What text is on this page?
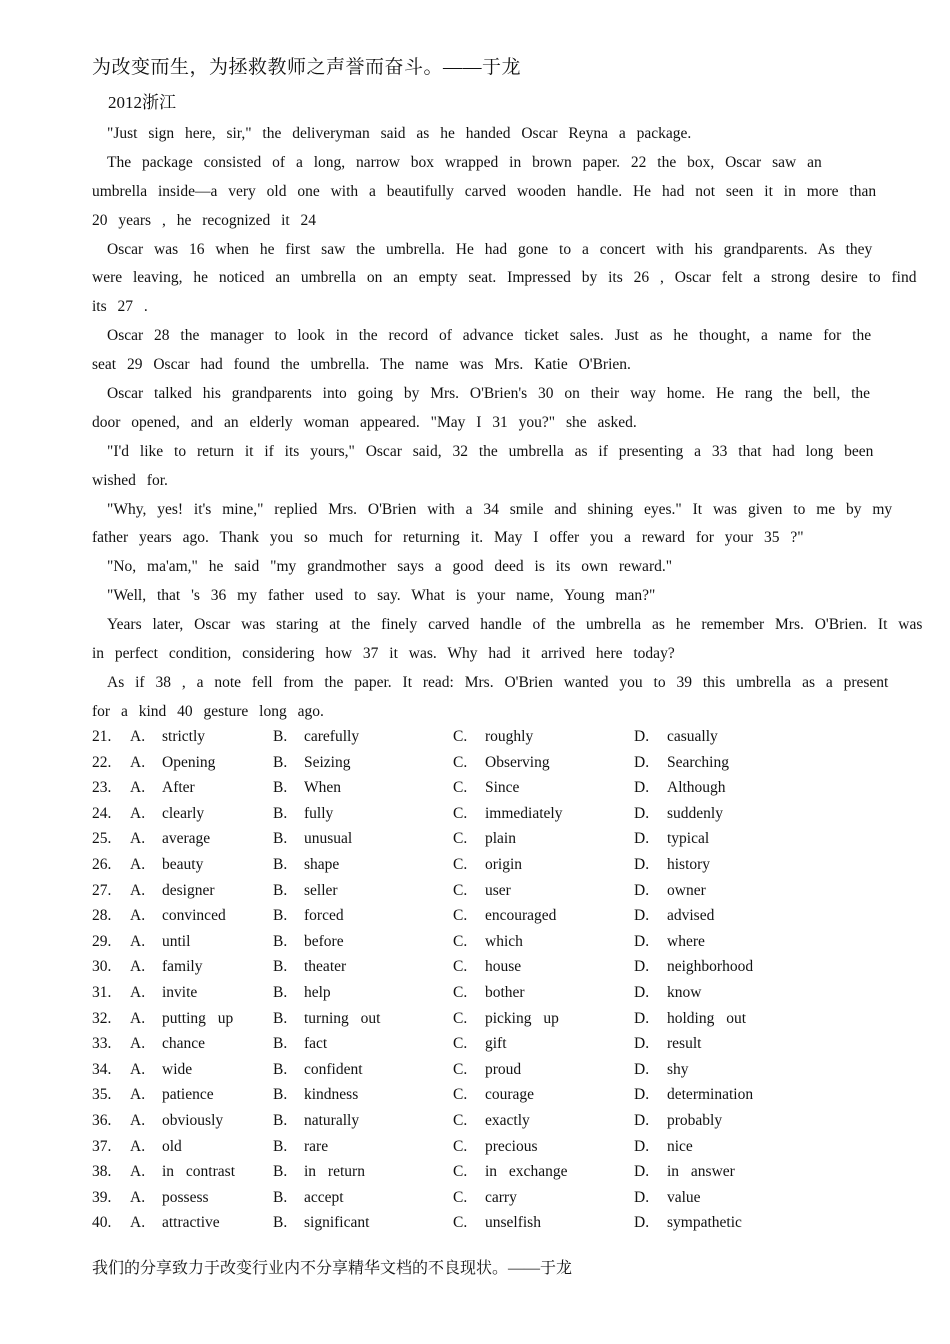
为改变而生，为拯救教师之声誉而奋斗。——于龙
2012浙江
"Just sign here, sir," the deliveryman said as he handed Oscar Reyna a package.
The package consisted of a long, narrow box wrapped in brown paper. 22 the box, Oscar saw an
umbrella inside—a very old one with a beautifully carved wooden handle. He had not seen it in more than
20 years , he recognized it 24
Oscar was 16 when he first saw the umbrella. He had gone to a concert with his grandparents. As they
were leaving, he noticed an umbrella on an empty seat. Impressed by its 26 , Oscar felt a strong desire to find
its 27 .
Oscar 28 the manager to look in the record of advance ticket sales. Just as he thought, a name for the
seat 29 Oscar had found the umbrella. The name was Mrs. Katie O'Brien.
Oscar talked his grandparents into going by Mrs. O'Brien's 30 on their way home. He rang the bell, the
door opened, and an elderly woman appeared. "May I 31 you?" she asked.
"I'd like to return it if its yours," Oscar said, 32 the umbrella as if presenting a 33 that had long been
wished for.
"Why, yes! it's mine," replied Mrs. O'Brien with a 34 smile and shining eyes." It was given to me by my
father years ago. Thank you so much for returning it. May I offer you a reward for your 35 ?"
"No, ma'am," he said "my grandmother says a good deed is its own reward."
"Well, that 's 36 my father used to say. What is your name, Young man?"
Years later, Oscar was staring at the finely carved handle of the umbrella as he remember Mrs. O'Brien. It was
in perfect condition, considering how 37 it was. Why had it arrived here today?
As if 38 , a note fell from the paper. It read: Mrs. O'Brien wanted you to 39 this umbrella as a present
for a kind 40 gesture long ago.
21. A. strictly	B. carefully	C. roughly	D. casually
22. A. Opening	B. Seizing	C. Observing	D. Searching
23. A. After	B. When	C. Since	D. Although
24. A. clearly	B. fully	C. immediately	D. suddenly
25. A. average	B. unusual	C. plain	D. typical
26. A. beauty	B. shape	C. origin	D. history
27. A. designer	B. seller	C. user	D. owner
28. A. convinced	B. forced	C. encouraged	D. advised
29. A. until	B. before	C. which	D. where
30. A. family	B. theater	C. house	D. neighborhood
31. A. invite	B. help	C. bother	D. know
32. A. putting up	B. turning out	C. picking up	D. holding out
33. A. chance	B. fact	C. gift	D. result
34. A. wide	B. confident	C. proud	D. shy
35. A. patience	B. kindness	C. courage	D. determination
36. A. obviously	B. naturally	C. exactly	D. probably
37. A. old	B. rare	C. precious	D. nice
38. A. in contrast B. in return	C. in exchange	D. in answer
39. A. possess	B. accept	C. carry	D. value
40. A. attractive	B. significant	C. unselfish	D. sympathetic
我们的分享致力于改变行业内不分享精华文档的不良现状。——于龙
